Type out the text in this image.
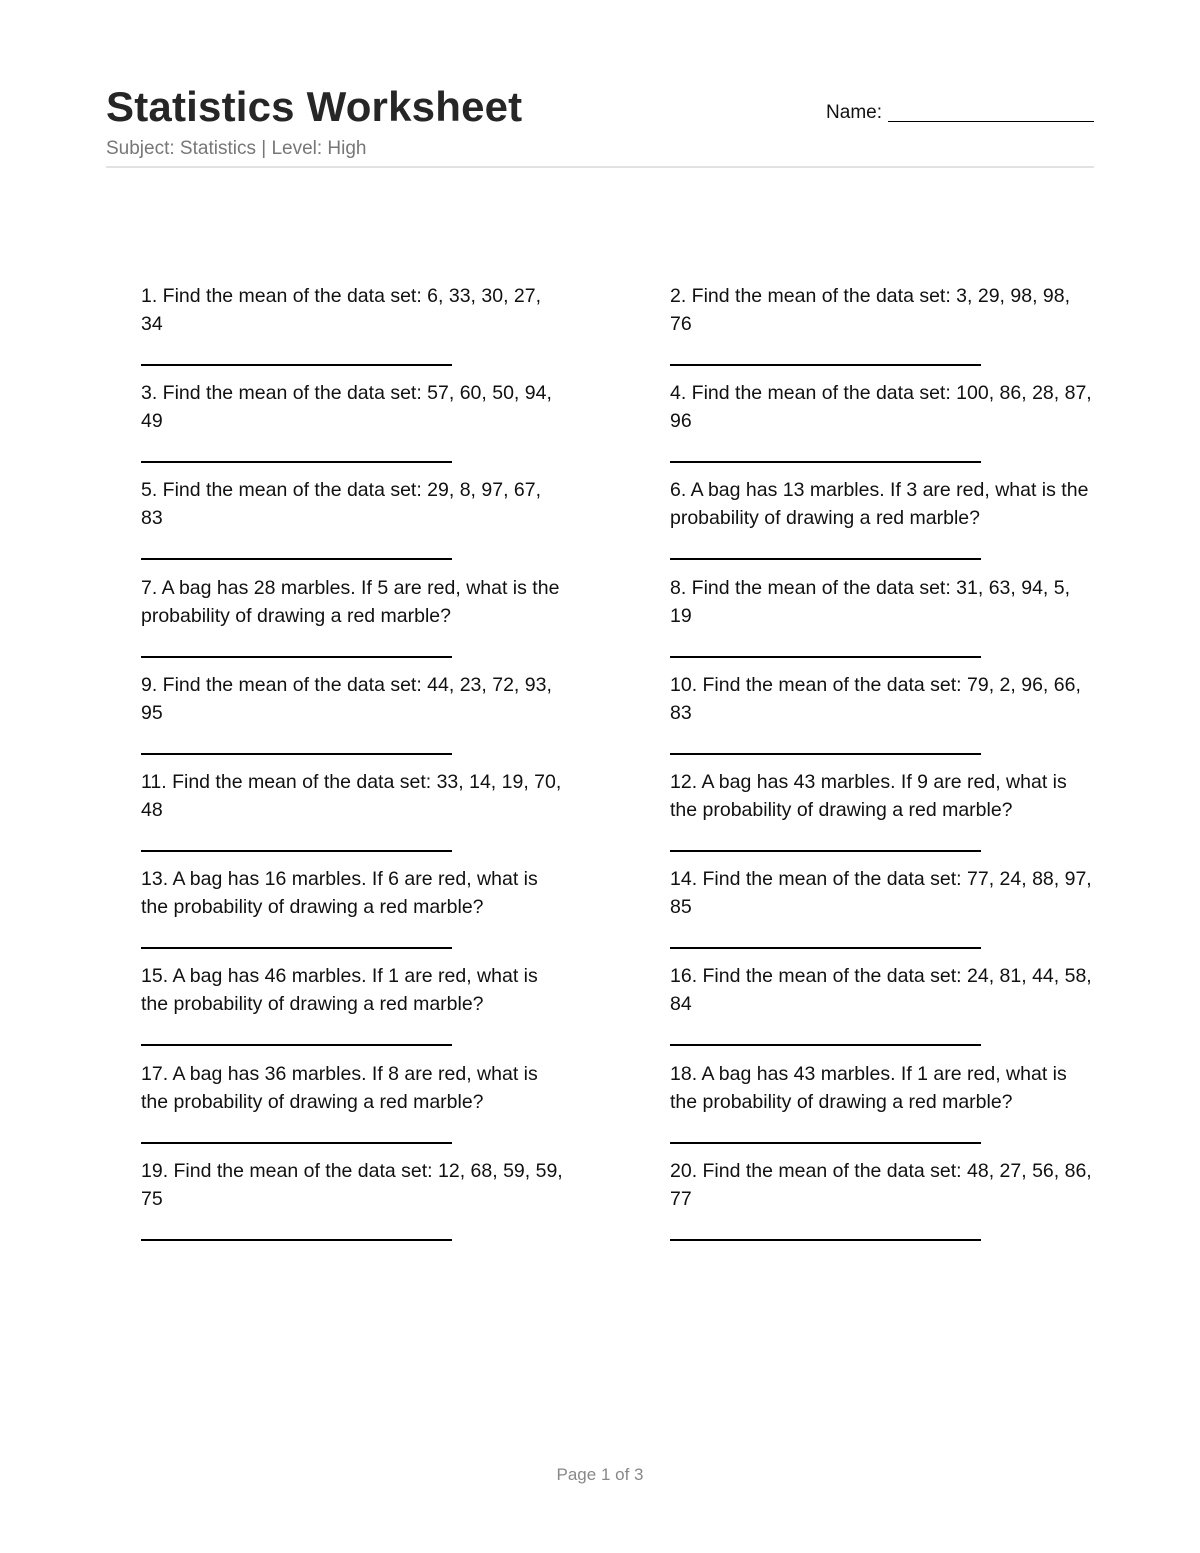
Statistics Worksheet
Subject: Statistics | Level: High
Name:
1. Find the mean of the data set: 6, 33, 30, 27, 34
2. Find the mean of the data set: 3, 29, 98, 98, 76
3. Find the mean of the data set: 57, 60, 50, 94, 49
4. Find the mean of the data set: 100, 86, 28, 87, 96
5. Find the mean of the data set: 29, 8, 97, 67, 83
6. A bag has 13 marbles. If 3 are red, what is the probability of drawing a red marble?
7. A bag has 28 marbles. If 5 are red, what is the probability of drawing a red marble?
8. Find the mean of the data set: 31, 63, 94, 5, 19
9. Find the mean of the data set: 44, 23, 72, 93, 95
10. Find the mean of the data set: 79, 2, 96, 66, 83
11. Find the mean of the data set: 33, 14, 19, 70, 48
12. A bag has 43 marbles. If 9 are red, what is the probability of drawing a red marble?
13. A bag has 16 marbles. If 6 are red, what is the probability of drawing a red marble?
14. Find the mean of the data set: 77, 24, 88, 97, 85
15. A bag has 46 marbles. If 1 are red, what is the probability of drawing a red marble?
16. Find the mean of the data set: 24, 81, 44, 58, 84
17. A bag has 36 marbles. If 8 are red, what is the probability of drawing a red marble?
18. A bag has 43 marbles. If 1 are red, what is the probability of drawing a red marble?
19. Find the mean of the data set: 12, 68, 59, 59, 75
20. Find the mean of the data set: 48, 27, 56, 86, 77
Page 1 of 3
